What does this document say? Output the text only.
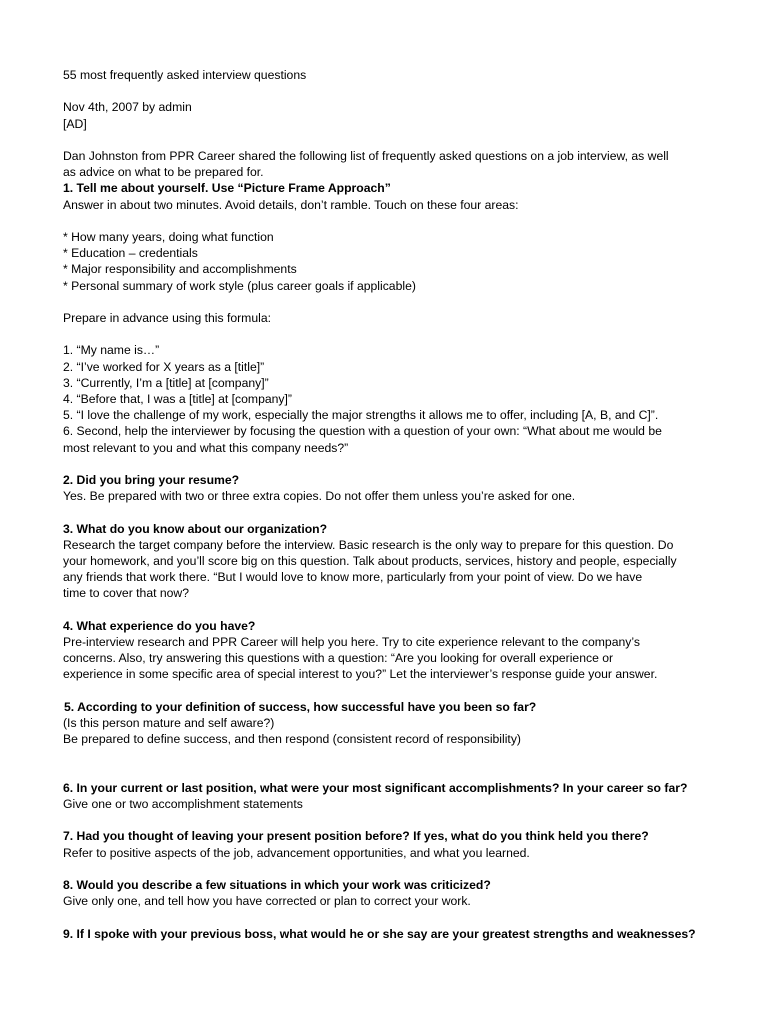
55 most frequently asked interview questions

Nov 4th, 2007 by admin

[AD]

Dan Johnston from PPR Career shared the following list of frequently asked questions on a job interview, as well

as advice on what to be prepared for.

1. Tell me about yourself. Use “Picture Frame Approach”

Answer in about two minutes. Avoid details, don’t ramble. Touch on these four areas:

* How many years, doing what function

* Education – credentials

* Major responsibility and accomplishments

* Personal summary of work style (plus career goals if applicable)

Prepare in advance using this formula:

1. “My name is…”

2. “I’ve worked for X years as a [title]”

3. “Currently, I’m a [title] at [company]”

4. “Before that, I was a [title] at [company]”

5. “I love the challenge of my work, especially the major strengths it allows me to offer, including [A, B, and C]”.

6. Second, help the interviewer by focusing the question with a question of your own: “What about me would be

most relevant to you and what this company needs?”

2. Did you bring your resume?

Yes. Be prepared with two or three extra copies. Do not offer them unless you’re asked for one.

3. What do you know about our organization?

Research the target company before the interview. Basic research is the only way to prepare for this question. Do

your homework, and you’ll score big on this question. Talk about products, services, history and people, especially

any friends that work there. “But I would love to know more, particularly from your point of view. Do we have

time to cover that now?

4. What experience do you have?

Pre-interview research and PPR Career will help you here. Try to cite experience relevant to the company’s

concerns. Also, try answering this questions with a question: “Are you looking for overall experience or

experience in some specific area of special interest to you?” Let the interviewer’s response guide your answer.

5. According to your definition of success, how successful have you been so far?

(Is this person mature and self aware?)

Be prepared to define success, and then respond (consistent record of responsibility)

6. In your current or last position, what were your most significant accomplishments? In your career so far?

Give one or two accomplishment statements

7. Had you thought of leaving your present position before? If yes, what do you think held you there?

Refer to positive aspects of the job, advancement opportunities, and what you learned.

8. Would you describe a few situations in which your work was criticized?

Give only one, and tell how you have corrected or plan to correct your work.

9. If I spoke with your previous boss, what would he or she say are your greatest strengths and weaknesses?
